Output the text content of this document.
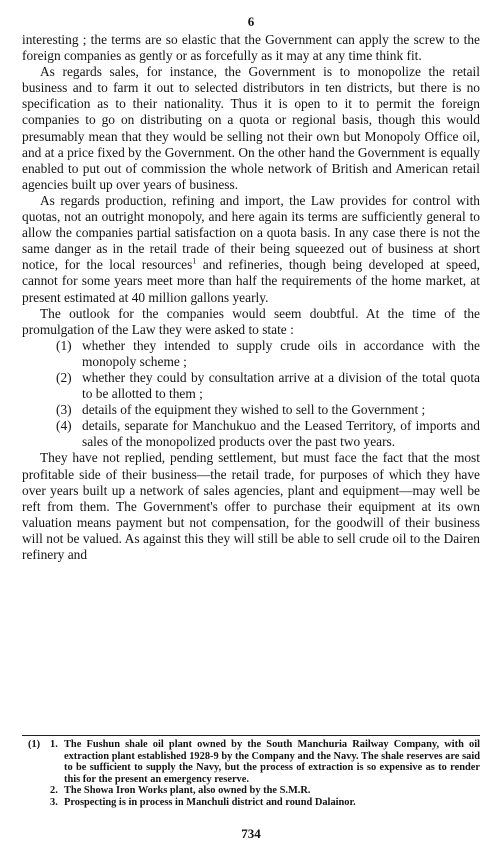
6

interesting ; the terms are so elastic that the Government can apply the screw to the foreign companies as gently or as forcefully as it may at any time think fit.

As regards sales, for instance, the Government is to monopolize the retail business and to farm it out to selected distributors in ten districts, but there is no specification as to their nationality. Thus it is open to it to permit the foreign companies to go on distributing on a quota or regional basis, though this would presumably mean that they would be selling not their own but Monopoly Office oil, and at a price fixed by the Government. On the other hand the Government is equally enabled to put out of commission the whole network of British and American retail agencies built up over years of business.

As regards production, refining and import, the Law provides for control with quotas, not an outright monopoly, and here again its terms are sufficiently general to allow the companies partial satisfaction on a quota basis. In any case there is not the same danger as in the retail trade of their being squeezed out of business at short notice, for the local resources$^1$ and refineries, though being developed at speed, cannot for some years meet more than half the requirements of the home market, at present estimated at 40 million gallons yearly.

The outlook for the companies would seem doubtful. At the time of the promulgation of the Law they were asked to state :

(1) whether they intended to supply crude oils in accordance with the monopoly scheme ;
(2) whether they could by consultation arrive at a division of the total quota to be allotted to them ;
(3) details of the equipment they wished to sell to the Government ;
(4) details, separate for Manchukuo and the Leased Territory, of imports and sales of the monopolized products over the past two years.

They have not replied, pending settlement, but must face the fact that the most profitable side of their business—the retail trade, for purposes of which they have over years built up a network of sales agencies, plant and equipment—may well be reft from them. The Government's offer to purchase their equipment at its own valuation means payment but not compensation, for the goodwill of their business will not be valued. As against this they will still be able to sell crude oil to the Dairen refinery and

(1) 1. The Fushun shale oil plant owned by the South Manchuria Railway Company, with oil extraction plant established 1928-9 by the Company and the Navy. The shale reserves are said to be sufficient to supply the Navy, but the process of extraction is so expensive as to render this for the present an emergency reserve.
2. The Showa Iron Works plant, also owned by the S.M.R.
3. Prospecting is in process in Manchuli district and round Dalainor.
734
